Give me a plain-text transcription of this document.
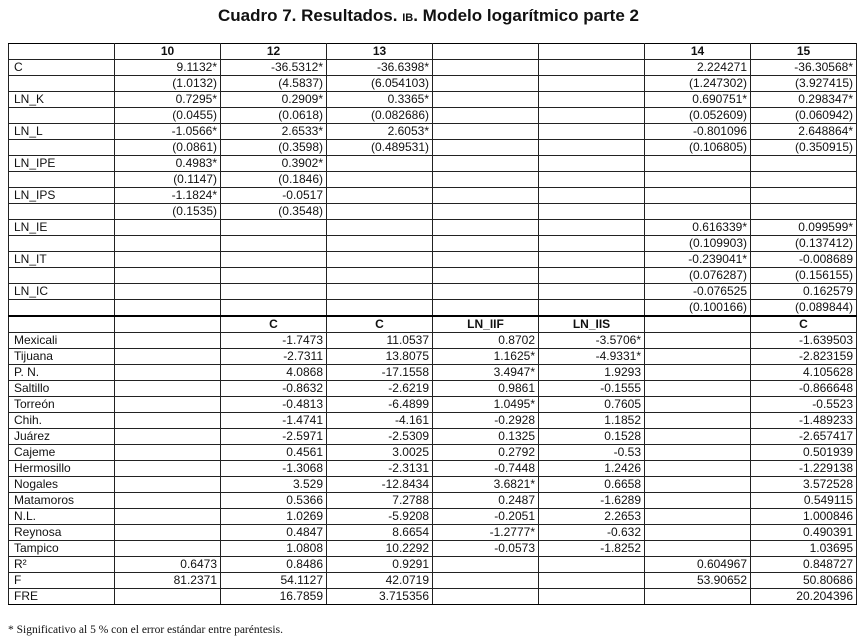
Cuadro 7. Resultados. IB. Modelo logarítmico parte 2
	10	12	13			14	15
C	9.1132*	-36.5312*	-36.6398*			2.224271	-36.30568*
	(1.0132)	(4.5837)	(6.054103)			(1.247302)	(3.927415)
LN_K	0.7295*	0.2909*	0.3365*			0.690751*	0.298347*
	(0.0455)	(0.0618)	(0.082686)			(0.052609)	(0.060942)
LN_L	-1.0566*	2.6533*	2.6053*			-0.801096	2.648864*
	(0.0861)	(0.3598)	(0.489531)			(0.106805)	(0.350915)
LN_IPE	0.4983*	0.3902*					
	(0.1147)	(0.1846)					
LN_IPS	-1.1824*	-0.0517					
	(0.1535)	(0.3548)					
LN_IE						0.616339*	0.099599*
						(0.109903)	(0.137412)
LN_IT						-0.239041*	-0.008689
						(0.076287)	(0.156155)
LN_IC						-0.076525	0.162579
						(0.100166)	(0.089844)
		C	C	LN_IIF	LN_IIS		C
Mexicali		-1.7473	11.0537	0.8702	-3.5706*		-1.639503
Tijuana		-2.7311	13.8075	1.1625*	-4.9331*		-2.823159
P. N.		4.0868	-17.1558	3.4947*	1.9293		4.105628
Saltillo		-0.8632	-2.6219	0.9861	-0.1555		-0.866648
Torreón		-0.4813	-6.4899	1.0495*	0.7605		-0.5523
Chih.		-1.4741	-4.161	-0.2928	1.1852		-1.489233
Juárez		-2.5971	-2.5309	0.1325	0.1528		-2.657417
Cajeme		0.4561	3.0025	0.2792	-0.53		0.501939
Hermosillo		-1.3068	-2.3131	-0.7448	1.2426		-1.229138
Nogales		3.529	-12.8434	3.6821*	0.6658		3.572528
Matamoros		0.5366	7.2788	0.2487	-1.6289		0.549115
N.L.		1.0269	-5.9208	-0.2051	2.2653		1.000846
Reynosa		0.4847	8.6654	-1.2777*	-0.632		0.490391
Tampico		1.0808	10.2292	-0.0573	-1.8252		1.03695
R²	0.6473	0.8486	0.9291			0.604967	0.848727
F	81.2371	54.1127	42.0719			53.90652	50.80686
FRE		16.7859	3.715356				20.204396
* Significativo al 5 % con el error estándar entre paréntesis.
